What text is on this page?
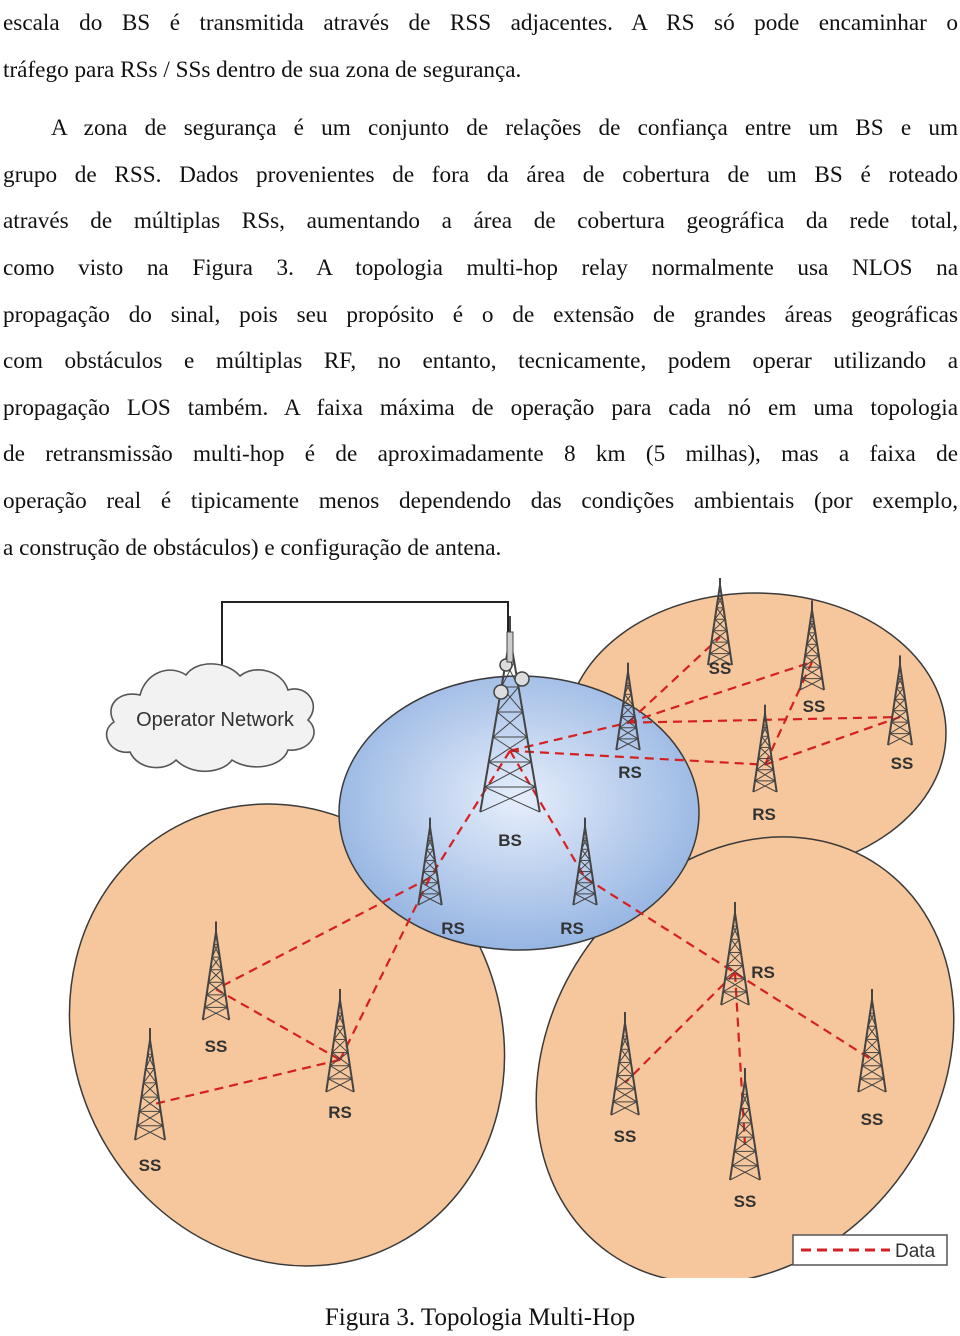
escala do BS é transmitida através de RSS adjacentes. A RS só pode encaminhar o
tráfego para RSs / SSs dentro de sua zona de segurança.

A zona de segurança é um conjunto de relações de confiança entre um BS e um
grupo de RSS. Dados provenientes de fora da área de cobertura de um BS é roteado
através de múltiplas RSs, aumentando a área de cobertura geográfica da rede total,
como visto na Figura 3. A topologia multi-hop relay normalmente usa NLOS na
propagação do sinal, pois seu propósito é o de extensão de grandes áreas geográficas
com obstáculos e múltiplas RF, no entanto, tecnicamente, podem operar utilizando a
propagação LOS também. A faixa máxima de operação para cada nó em uma topologia
de retransmissão multi-hop é de aproximadamente 8 km (5 milhas), mas a faixa de
operação real é tipicamente menos dependendo das condições ambientais (por exemplo,
a construção de obstáculos) e configuração de antena.

Operator Network
BS
RS	RS
RS
RS
RS
RS
SS
SS
SS
SS
SS
SS
SS
SS
Data
Figura 3. Topologia Multi-Hop
